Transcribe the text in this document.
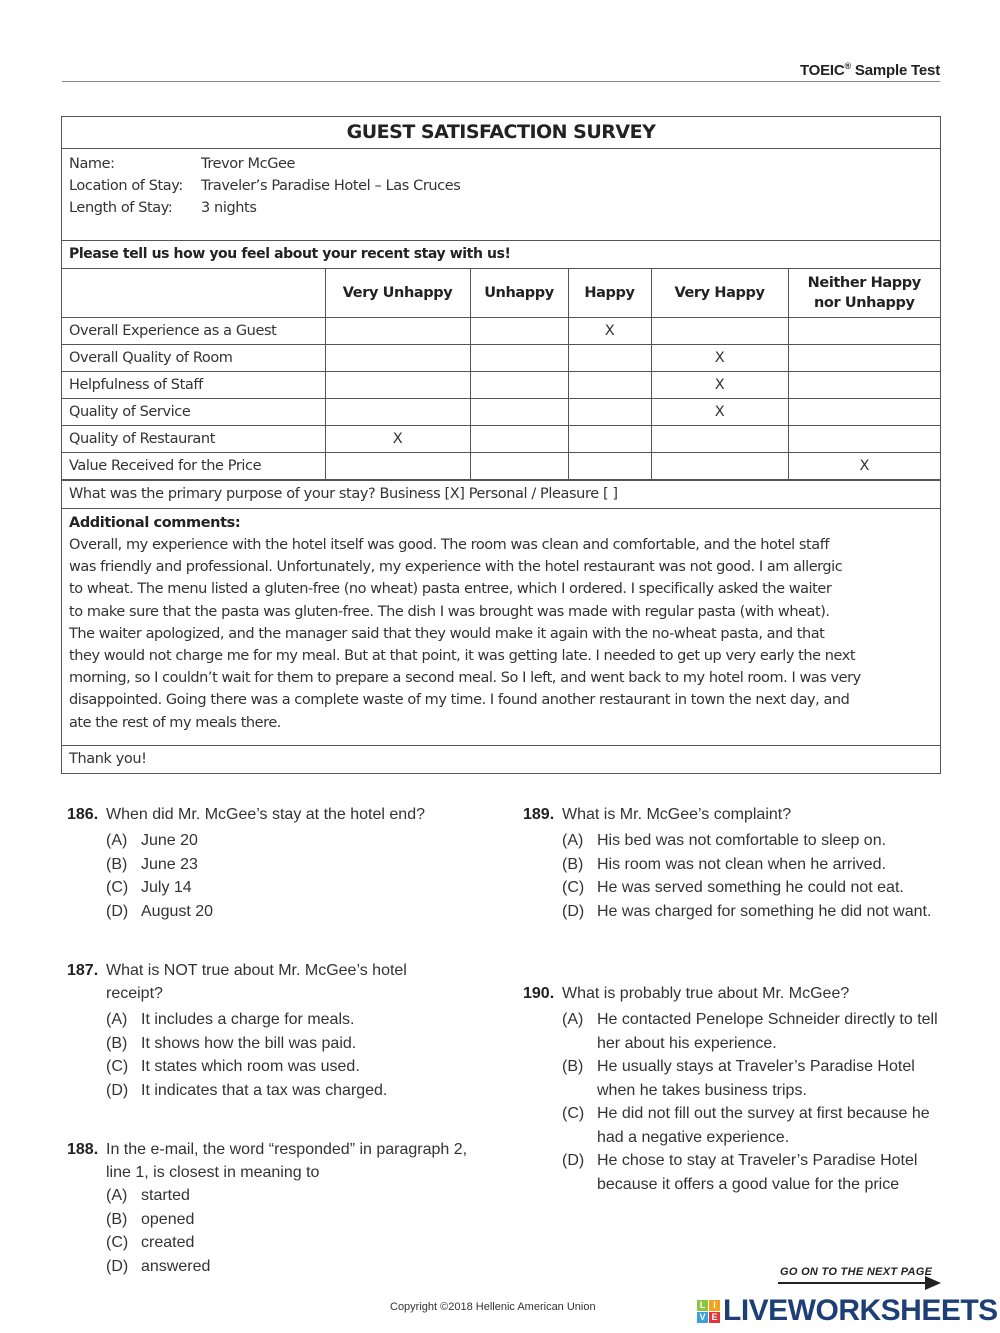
TOEIC® Sample Test
GUEST SATISFACTION SURVEY
Name:	Trevor McGee
Location of Stay:	Traveler’s Paradise Hotel – Las Cruces
Length of Stay:	3 nights
Please tell us how you feel about your recent stay with us!
	Very Unhappy	Unhappy	Happy	Very Happy	Neither Happy
nor Unhappy
Overall Experience as a Guest			X		
Overall Quality of Room				X	
Helpfulness of Staff				X	
Quality of Service				X	
Quality of Restaurant	X				
Value Received for the Price					X
What was the primary purpose of your stay? Business [X] Personal / Pleasure [ ]
Additional comments:
Overall, my experience with the hotel itself was good. The room was clean and comfortable, and the hotel staff
was friendly and professional. Unfortunately, my experience with the hotel restaurant was not good. I am allergic
to wheat. The menu listed a gluten-free (no wheat) pasta entree, which I ordered. I specifically asked the waiter
to make sure that the pasta was gluten-free. The dish I was brought was made with regular pasta (with wheat).
The waiter apologized, and the manager said that they would make it again with the no-wheat pasta, and that
they would not charge me for my meal. But at that point, it was getting late. I needed to get up very early the next
morning, so I couldn’t wait for them to prepare a second meal. So I left, and went back to my hotel room. I was very
disappointed. Going there was a complete waste of my time. I found another restaurant in town the next day, and
ate the rest of my meals there.
Thank you!
186. When did Mr. McGee’s stay at the hotel end?
(A) June 20
(B) June 23
(C) July 14
(D) August 20
187. What is NOT true about Mr. McGee’s hotel receipt?
(A) It includes a charge for meals.
(B) It shows how the bill was paid.
(C) It states which room was used.
(D) It indicates that a tax was charged.
188. In the e-mail, the word “responded” in paragraph 2, line 1, is closest in meaning to
(A) started
(B) opened
(C) created
(D) answered
189. What is Mr. McGee’s complaint?
(A) His bed was not comfortable to sleep on.
(B) His room was not clean when he arrived.
(C) He was served something he could not eat.
(D) He was charged for something he did not want.
190. What is probably true about Mr. McGee?
(A) He contacted Penelope Schneider directly to tell her about his experience.
(B) He usually stays at Traveler’s Paradise Hotel when he takes business trips.
(C) He did not fill out the survey at first because he had a negative experience.
(D) He chose to stay at Traveler’s Paradise Hotel because it offers a good value for the price
GO ON TO THE NEXT PAGE
Copyright ©2018 Hellenic American Union	L I
V E LIVEWORKSHEETS
